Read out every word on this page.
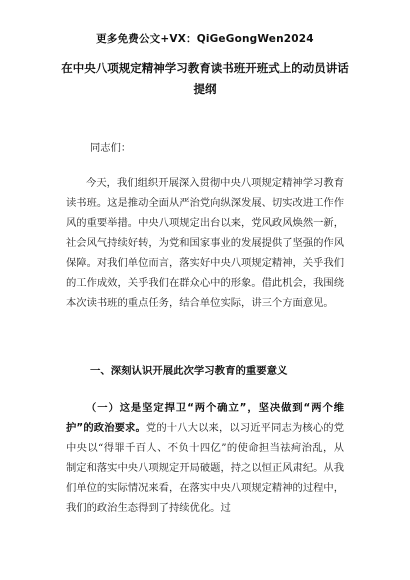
更多免费公文+VX：QiGeGongWen2024
在中央八项规定精神学习教育读书班开班式上的动员讲话提纲
同志们：
今天，我们组织开展深入贯彻中央八项规定精神学习教育读书班。这是推动全面从严治党向纵深发展、切实改进工作作风的重要举措。中央八项规定出台以来，党风政风焕然一新，社会风气持续好转，为党和国家事业的发展提供了坚强的作风保障。对我们单位而言，落实好中央八项规定精神，关乎我们的工作成效，关乎我们在群众心中的形象。借此机会，我围绕本次读书班的重点任务，结合单位实际，讲三个方面意见。
一、深刻认识开展此次学习教育的重要意义
（一）这是坚定捍卫“两个确立”，坚决做到“两个维护”的政治要求。党的十八大以来，以习近平同志为核心的党中央以“得罪千百人、不负十四亿”的使命担当祛疴治乱，从制定和落实中央八项规定开局破题，持之以恒正风肃纪。从我们单位的实际情况来看，在落实中央八项规定精神的过程中，我们的政治生态得到了持续优化。过
